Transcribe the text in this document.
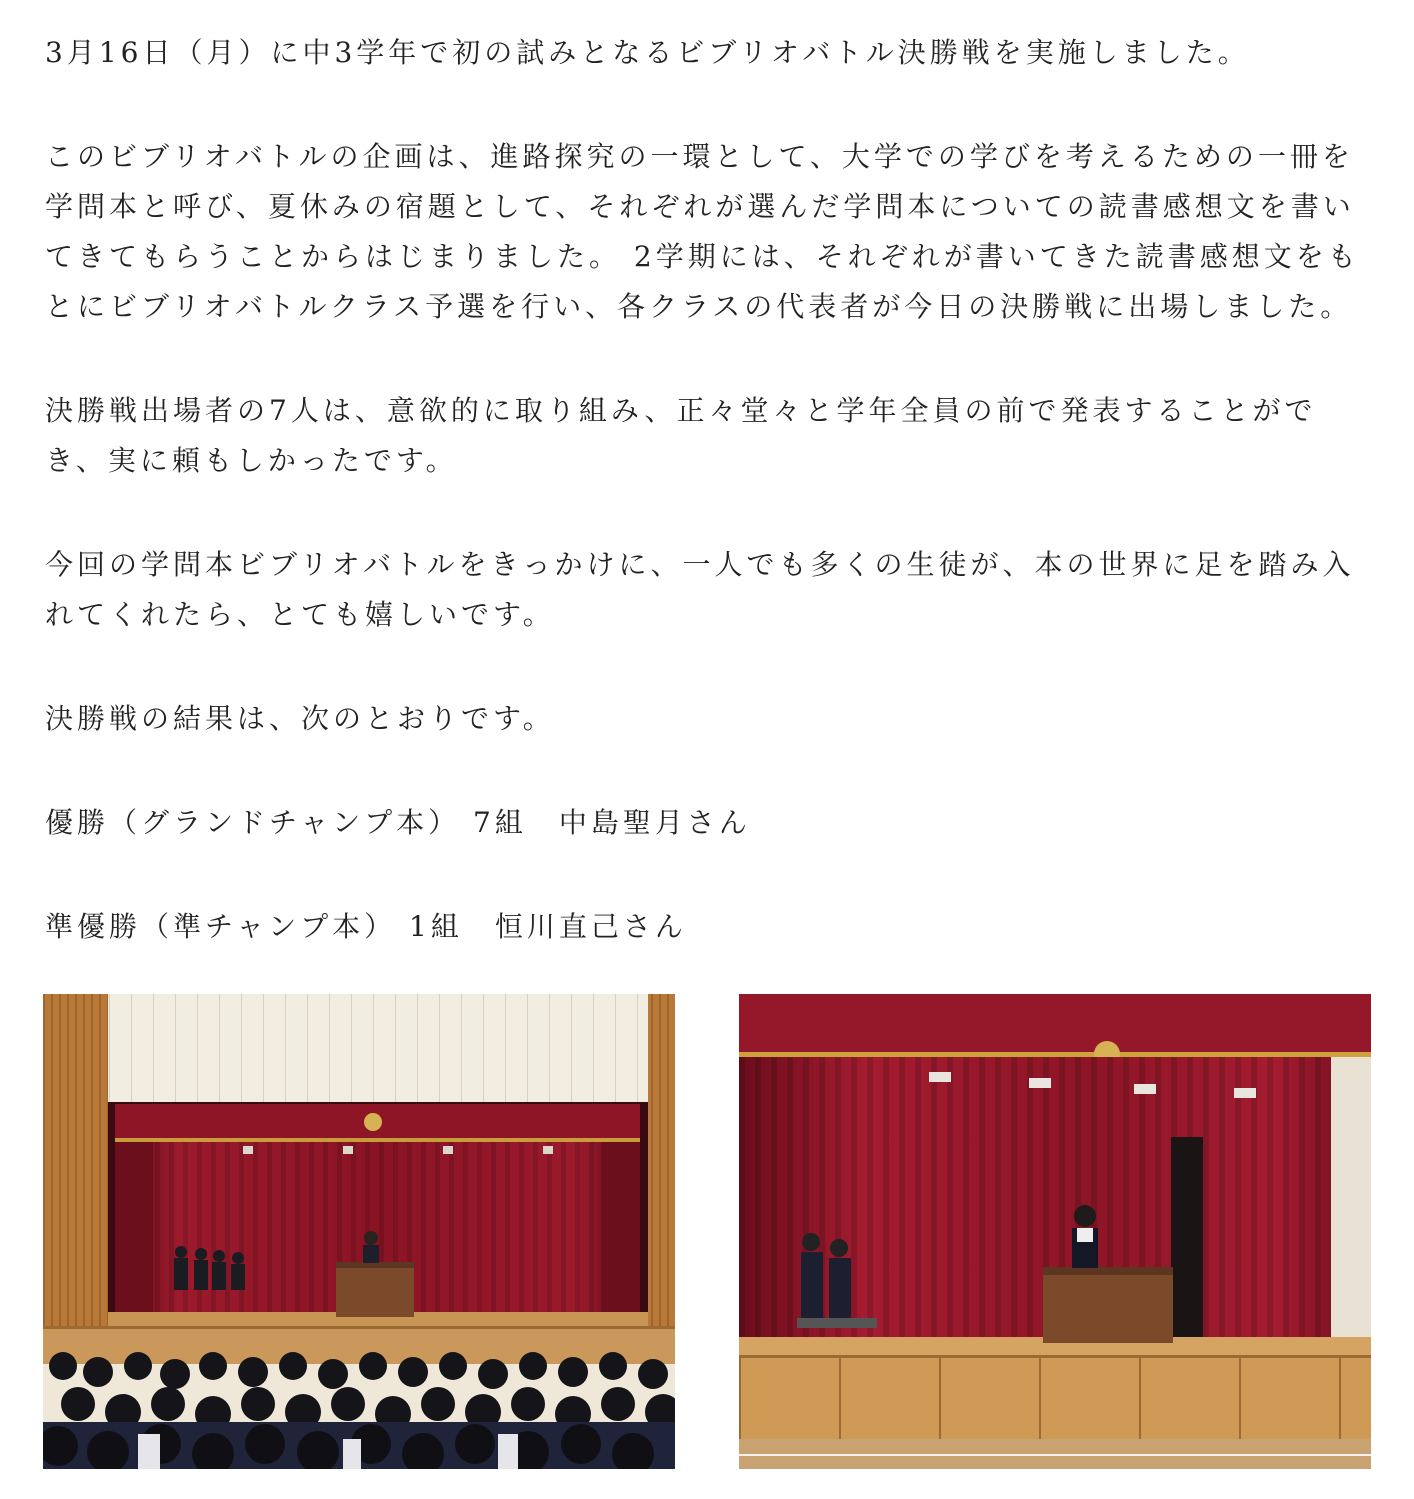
3月16日（月）に中3学年で初の試みとなるビブリオバトル決勝戦を実施しました。

このビブリオバトルの企画は、進路探究の一環として、大学での学びを考えるための一冊を学問本と呼び、夏休みの宿題として、それぞれが選んだ学問本についての読書感想文を書いてきてもらうことからはじまりました。 2学期には、それぞれが書いてきた読書感想文をもとにビブリオバトルクラス予選を行い、各クラスの代表者が今日の決勝戦に出場しました。

決勝戦出場者の7人は、意欲的に取り組み、正々堂々と学年全員の前で発表することができ、実に頼もしかったです。

今回の学問本ビブリオバトルをきっかけに、一人でも多くの生徒が、本の世界に足を踏み入れてくれたら、とても嬉しいです。

決勝戦の結果は、次のとおりです。

優勝（グランドチャンプ本） 7組　中島聖月さん

準優勝（準チャンプ本） 1組　恒川直己さん
